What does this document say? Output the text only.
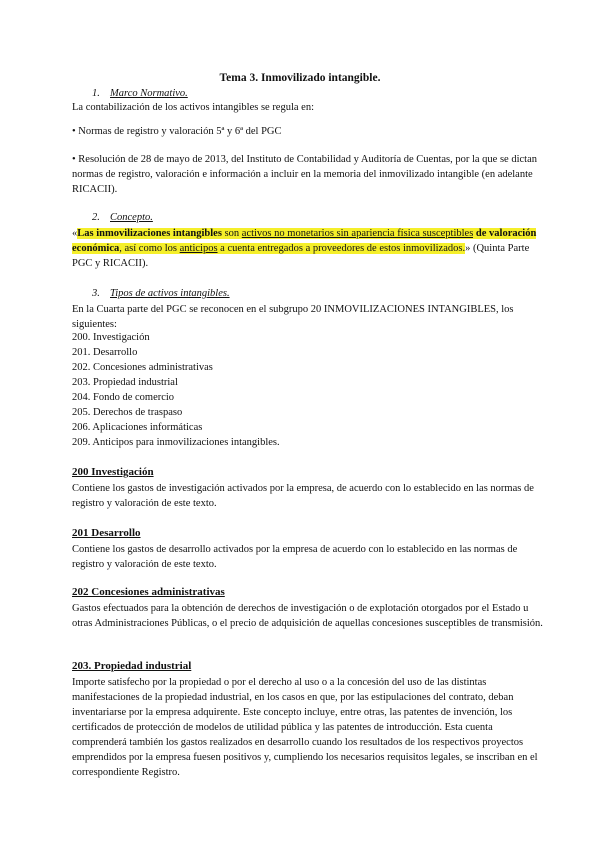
Tema 3. Inmovilizado intangible.
1. Marco Normativo.
La contabilización de los activos intangibles se regula en:
• Normas de registro y valoración 5ª y 6ª del PGC
• Resolución de 28 de mayo de 2013, del Instituto de Contabilidad y Auditoría de Cuentas, por la que se dictan normas de registro, valoración e información a incluir en la memoria del inmovilizado intangible (en adelante RICACII).
2. Concepto.
«Las inmovilizaciones intangibles son activos no monetarios sin apariencia física susceptibles de valoración económica, así como los anticipos a cuenta entregados a proveedores de estos inmovilizados.» (Quinta Parte PGC y RICACII).
3. Tipos de activos intangibles.
En la Cuarta parte del PGC se reconocen en el subgrupo 20 INMOVILIZACIONES INTANGIBLES, los siguientes:
200. Investigación
201. Desarrollo
202. Concesiones administrativas
203. Propiedad industrial
204. Fondo de comercio
205. Derechos de traspaso
206. Aplicaciones informáticas
209. Anticipos para inmovilizaciones intangibles.
200 Investigación
Contiene los gastos de investigación activados por la empresa, de acuerdo con lo establecido en las normas de registro y valoración de este texto.
201 Desarrollo
Contiene los gastos de desarrollo activados por la empresa de acuerdo con lo establecido en las normas de registro y valoración de este texto.
202 Concesiones administrativas
Gastos efectuados para la obtención de derechos de investigación o de explotación otorgados por el Estado u otras Administraciones Públicas, o el precio de adquisición de aquellas concesiones susceptibles de transmisión.
203. Propiedad industrial
Importe satisfecho por la propiedad o por el derecho al uso o a la concesión del uso de las distintas manifestaciones de la propiedad industrial, en los casos en que, por las estipulaciones del contrato, deban inventariarse por la empresa adquirente. Este concepto incluye, entre otras, las patentes de invención, los certificados de protección de modelos de utilidad pública y las patentes de introducción. Esta cuenta comprenderá también los gastos realizados en desarrollo cuando los resultados de los respectivos proyectos emprendidos por la empresa fuesen positivos y, cumpliendo los necesarios requisitos legales, se inscriban en el correspondiente Registro.
